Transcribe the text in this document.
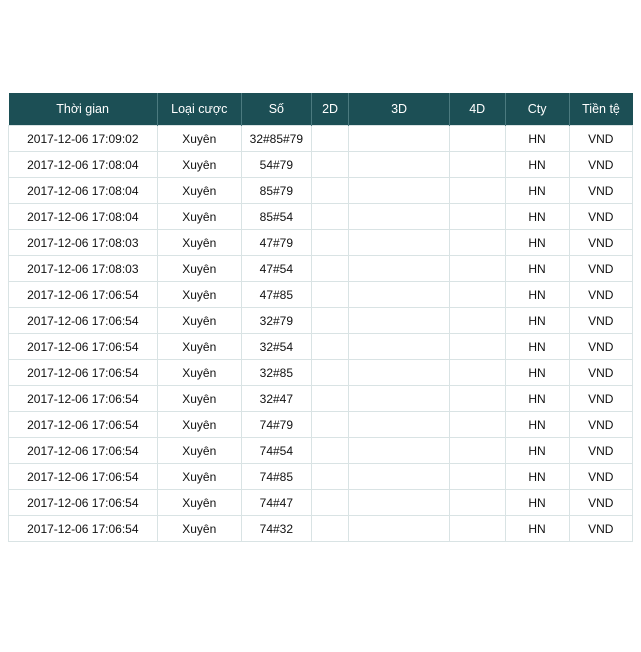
Thời gian	Loại cược	Số	2D	3D	4D	Cty	Tiền tệ
2017-12-06 17:09:02	Xuyên	32#85#79				HN	VND
2017-12-06 17:08:04	Xuyên	54#79				HN	VND
2017-12-06 17:08:04	Xuyên	85#79				HN	VND
2017-12-06 17:08:04	Xuyên	85#54				HN	VND
2017-12-06 17:08:03	Xuyên	47#79				HN	VND
2017-12-06 17:08:03	Xuyên	47#54				HN	VND
2017-12-06 17:06:54	Xuyên	47#85				HN	VND
2017-12-06 17:06:54	Xuyên	32#79				HN	VND
2017-12-06 17:06:54	Xuyên	32#54				HN	VND
2017-12-06 17:06:54	Xuyên	32#85				HN	VND
2017-12-06 17:06:54	Xuyên	32#47				HN	VND
2017-12-06 17:06:54	Xuyên	74#79				HN	VND
2017-12-06 17:06:54	Xuyên	74#54				HN	VND
2017-12-06 17:06:54	Xuyên	74#85				HN	VND
2017-12-06 17:06:54	Xuyên	74#47				HN	VND
2017-12-06 17:06:54	Xuyên	74#32				HN	VND
